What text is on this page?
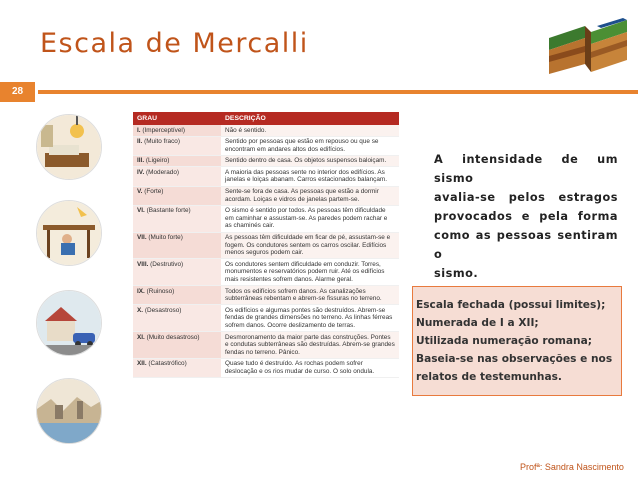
Escala de Mercalli
28
GRAU	DESCRIÇÃO
I. (Imperceptível)	Não é sentido.
II. (Muito fraco)	Sentido por pessoas que estão em repouso ou que se encontram em andares altos dos edifícios.
III. (Ligeiro)	Sentido dentro de casa. Os objetos suspensos baloiçam.
IV. (Moderado)	A maioria das pessoas sente no interior dos edifícios. As janelas e loiças abanam. Carros estacionados balançam.
V. (Forte)	Sente-se fora de casa. As pessoas que estão a dormir acordam. Loiças e vidros de janelas partem-se.
VI. (Bastante forte)	O sismo é sentido por todos. As pessoas têm dificuldade em caminhar e assustam-se. As paredes podem rachar e as chaminés cair.
VII. (Muito forte)	As pessoas têm dificuldade em ficar de pé, assustam-se e fogem. Os condutores sentem os carros oscilar. Edifícios menos seguros podem cair.
VIII. (Destrutivo)	Os condutores sentem dificuldade em conduzir. Torres, monumentos e reservatórios podem ruir. Até os edifícios mais resistentes sofrem danos. Alarme geral.
IX. (Ruinoso)	Todos os edifícios sofrem danos. As canalizações subterrâneas rebentam e abrem-se fissuras no terreno.
X. (Desastroso)	Os edifícios e algumas pontes são destruídos. Abrem-se fendas de grandes dimensões no terreno. As linhas férreas sofrem danos. Ocorre deslizamento de terras.
XI. (Muito desastroso)	Desmoronamento da maior parte das construções. Pontes e condutas subterrâneas são destruídas. Abrem-se grandes fendas no terreno. Pânico.
XII. (Catastrófico)	Quase tudo é destruído. As rochas podem sofrer deslocação e os rios mudar de curso. O solo ondula.
A intensidade de um sismo
avalia-se pelos estragos
provocados e pela forma
como as pessoas sentiram o
sismo.
Escala fechada (possui limites);
Numerada de I a XII;
Utilizada numeração romana;
Baseia-se nas observações e nos
relatos de testemunhas.
Profª: Sandra Nascimento
